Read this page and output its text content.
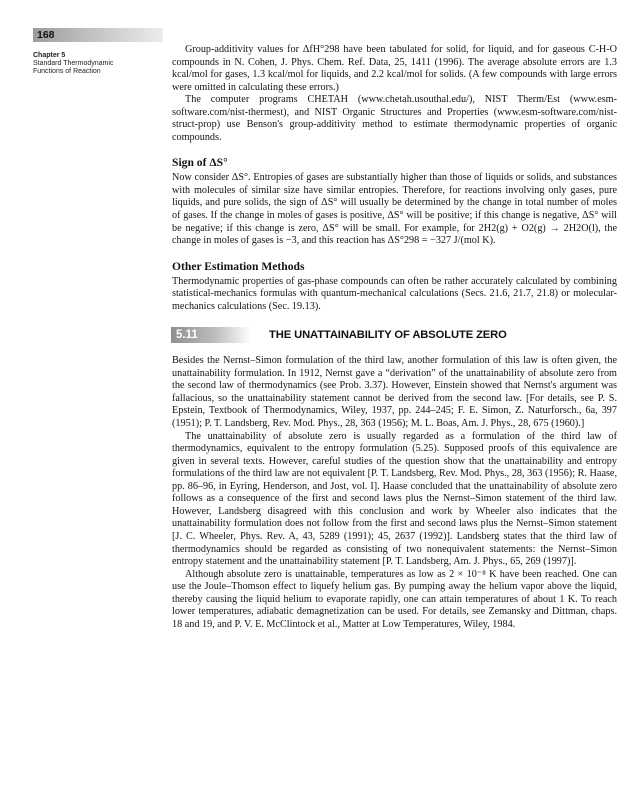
168
Chapter 5
Standard Thermodynamic
Functions of Reaction

Group-additivity values for ΔfH°298 have been tabulated for solid, for liquid, and for gaseous C-H-O compounds in N. Cohen, J. Phys. Chem. Ref. Data, 25, 1411 (1996). The average absolute errors are 1.3 kcal/mol for gases, 1.3 kcal/mol for liquids, and 2.2 kcal/mol for solids. (A few compounds with large errors were omitted in calculating these errors.)

The computer programs CHETAH (www.chetah.usouthal.edu/), NIST Therm/Est (www.esm-software.com/nist-thermest), and NIST Organic Structures and Properties (www.esm-software.com/nist-struct-prop) use Benson's group-additivity method to estimate thermodynamic properties of organic compounds.

Sign of ΔS°

Now consider ΔS°. Entropies of gases are substantially higher than those of liquids or solids, and substances with molecules of similar size have similar entropies. Therefore, for reactions involving only gases, pure liquids, and pure solids, the sign of ΔS° will usually be determined by the change in total number of moles of gases. If the change in moles of gases is positive, ΔS° will be positive; if this change is negative, ΔS° will be negative; if this change is zero, ΔS° will be small. For example, for 2H2(g) + O2(g) → 2H2O(l), the change in moles of gases is −3, and this reaction has ΔS°298 = −327 J/(mol K).

Other Estimation Methods

Thermodynamic properties of gas-phase compounds can often be rather accurately calculated by combining statistical-mechanics formulas with quantum-mechanical calculations (Secs. 21.6, 21.7, 21.8) or molecular-mechanics calculations (Sec. 19.13).

5.11	THE UNATTAINABILITY OF ABSOLUTE ZERO

Besides the Nernst–Simon formulation of the third law, another formulation of this law is often given, the unattainability formulation. In 1912, Nernst gave a “derivation” of the unattainability of absolute zero from the second law of thermodynamics (see Prob. 3.37). However, Einstein showed that Nernst's argument was fallacious, so the unattainability statement cannot be derived from the second law. [For details, see P. S. Epstein, Textbook of Thermodynamics, Wiley, 1937, pp. 244–245; F. E. Simon, Z. Naturforsch., 6a, 397 (1951); P. T. Landsberg, Rev. Mod. Phys., 28, 363 (1956); M. L. Boas, Am. J. Phys., 28, 675 (1960).]

The unattainability of absolute zero is usually regarded as a formulation of the third law of thermodynamics, equivalent to the entropy formulation (5.25). Supposed proofs of this equivalence are given in several texts. However, careful studies of the question show that the unattainability and entropy formulations of the third law are not equivalent [P. T. Landsberg, Rev. Mod. Phys., 28, 363 (1956); R. Haase, pp. 86–96, in Eyring, Henderson, and Jost, vol. I]. Haase concluded that the unattainability of absolute zero follows as a consequence of the first and second laws plus the Nernst–Simon statement of the third law. However, Landsberg disagreed with this conclusion and work by Wheeler also indicates that the unattainability formulation does not follow from the first and second laws plus the Nernst–Simon statement [J. C. Wheeler, Phys. Rev. A, 43, 5289 (1991); 45, 2637 (1992)]. Landsberg states that the third law of thermodynamics should be regarded as consisting of two nonequivalent statements: the Nernst–Simon entropy statement and the unattainability statement [P. T. Landsberg, Am. J. Phys., 65, 269 (1997)].

Although absolute zero is unattainable, temperatures as low as 2 × 10⁻⁸ K have been reached. One can use the Joule–Thomson effect to liquefy helium gas. By pumping away the helium vapor above the liquid, thereby causing the liquid helium to evaporate rapidly, one can attain temperatures of about 1 K. To reach lower temperatures, adiabatic demagnetization can be used. For details, see Zemansky and Dittman, chaps. 18 and 19, and P. V. E. McClintock et al., Matter at Low Temperatures, Wiley, 1984.
